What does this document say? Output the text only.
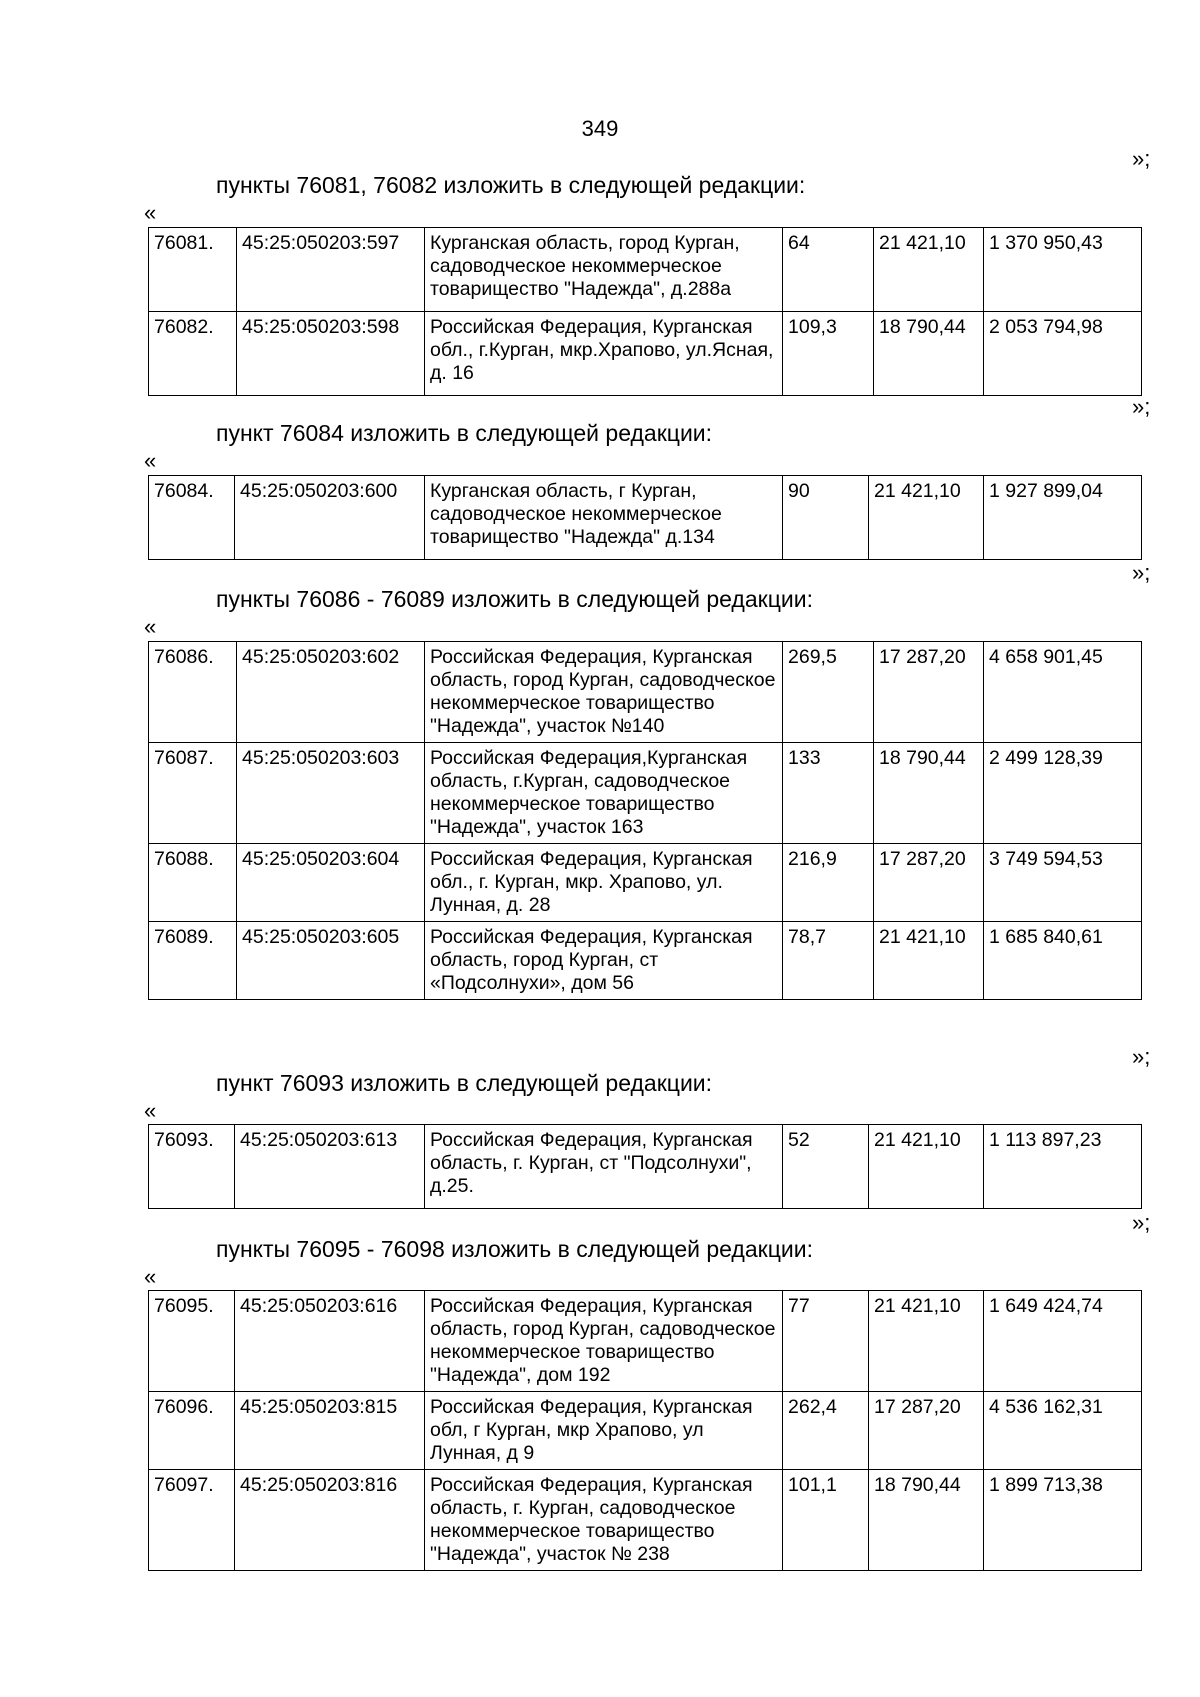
349
»;
пункты 76081, 76082 изложить в следующей редакции:
«
76081.	45:25:050203:597	Курганская область, город Курган, садоводческое некоммерческое товарищество "Надежда", д.288а	64	21 421,10	1 370 950,43
76082.	45:25:050203:598	Российская Федерация, Курганская обл., г.Курган, мкр.Храпово, ул.Ясная, д. 16	109,3	18 790,44	2 053 794,98
»;
пункт 76084 изложить в следующей редакции:
«
76084.	45:25:050203:600	Курганская область, г Курган, садоводческое некоммерческое товарищество "Надежда" д.134	90	21 421,10	1 927 899,04
»;
пункты 76086 - 76089 изложить в следующей редакции:
«
76086.	45:25:050203:602	Российская Федерация, Курганская область, город Курган, садоводческое некоммерческое товарищество "Надежда", участок №140	269,5	17 287,20	4 658 901,45
76087.	45:25:050203:603	Российская Федерация,Курганская область, г.Курган, садоводческое некоммерческое товарищество "Надежда", участок 163	133	18 790,44	2 499 128,39
76088.	45:25:050203:604	Российская Федерация, Курганская обл., г. Курган, мкр. Храпово, ул. Лунная, д. 28	216,9	17 287,20	3 749 594,53
76089.	45:25:050203:605	Российская Федерация, Курганская область, город Курган, ст «Подсолнухи», дом 56	78,7	21 421,10	1 685 840,61
»;
пункт 76093 изложить в следующей редакции:
«
76093.	45:25:050203:613	Российская Федерация, Курганская область, г. Курган, ст "Подсолнухи", д.25.	52	21 421,10	1 113 897,23
»;
пункты 76095 - 76098 изложить в следующей редакции:
«
76095.	45:25:050203:616	Российская Федерация, Курганская область, город Курган, садоводческое некоммерческое товарищество "Надежда", дом 192	77	21 421,10	1 649 424,74
76096.	45:25:050203:815	Российская Федерация, Курганская обл, г Курган, мкр Храпово, ул Лунная, д 9	262,4	17 287,20	4 536 162,31
76097.	45:25:050203:816	Российская Федерация, Курганская область, г. Курган, садоводческое некоммерческое товарищество "Надежда", участок № 238	101,1	18 790,44	1 899 713,38
